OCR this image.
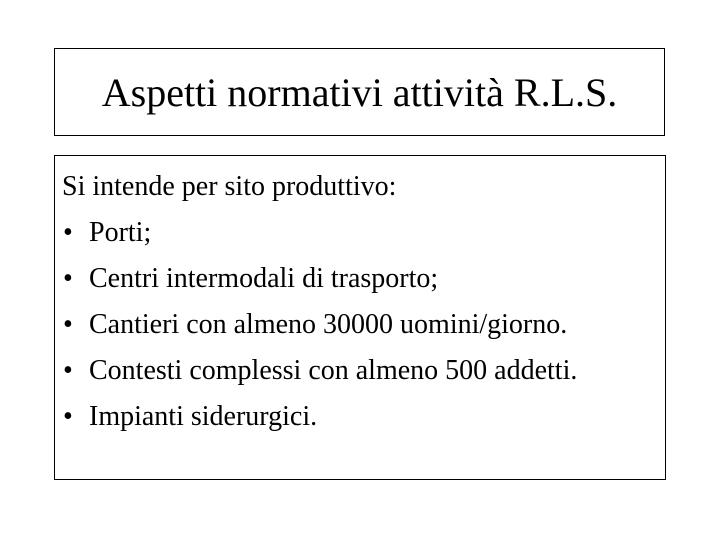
Aspetti normativi attività R.L.S.
Si intende per sito produttivo:
• Porti;
• Centri intermodali di trasporto;
• Cantieri con almeno 30000 uomini/giorno.
• Contesti complessi con almeno 500 addetti.
• Impianti siderurgici.
